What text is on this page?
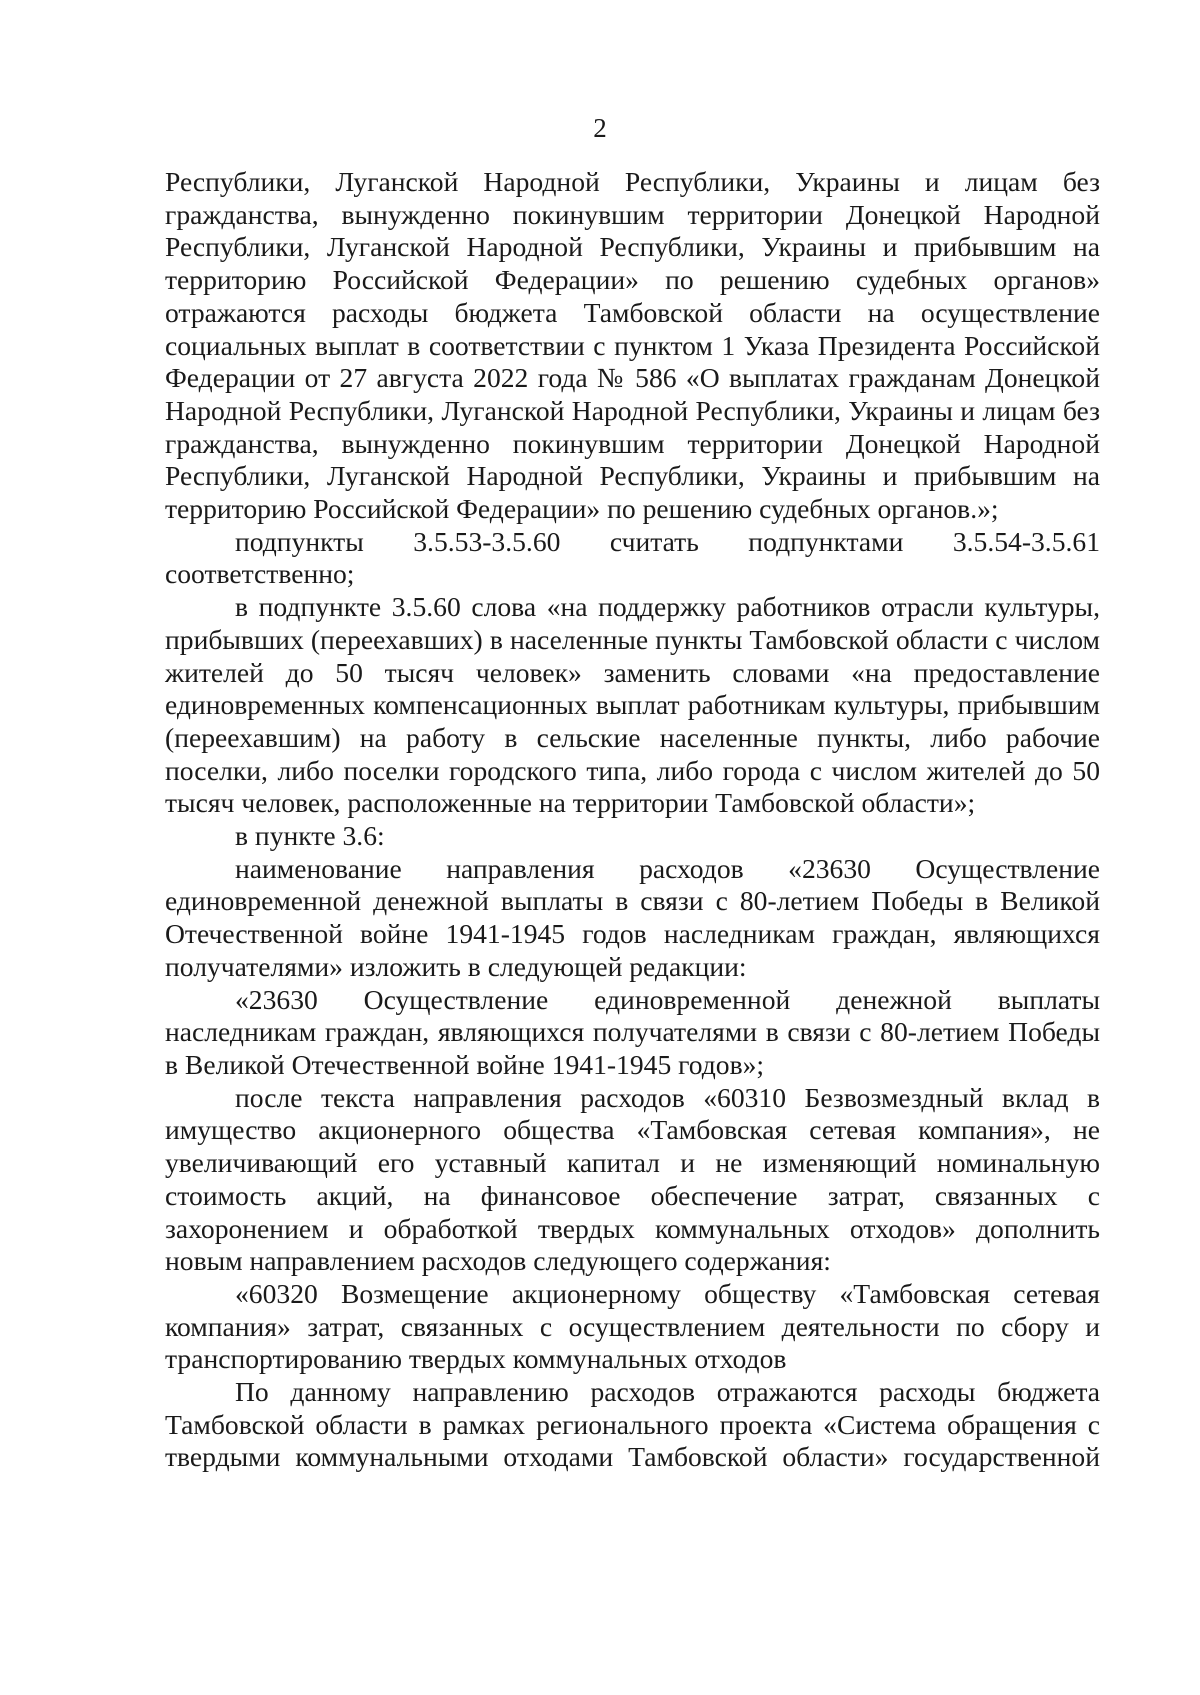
2

Республики, Луганской Народной Республики, Украины и лицам без гражданства, вынужденно покинувшим территории Донецкой Народной Республики, Луганской Народной Республики, Украины и прибывшим на территорию Российской Федерации» по решению судебных органов» отражаются расходы бюджета Тамбовской области на осуществление социальных выплат в соответствии с пунктом 1 Указа Президента Российской Федерации от 27 августа 2022 года № 586 «О выплатах гражданам Донецкой Народной Республики, Луганской Народной Республики, Украины и лицам без гражданства, вынужденно покинувшим территории Донецкой Народной Республики, Луганской Народной Республики, Украины и прибывшим на территорию Российской Федерации» по решению судебных органов.»;

подпункты 3.5.53-3.5.60 считать подпунктами 3.5.54-3.5.61 соответственно;

в подпункте 3.5.60 слова «на поддержку работников отрасли культуры, прибывших (переехавших) в населенные пункты Тамбовской области с числом жителей до 50 тысяч человек» заменить словами «на предоставление единовременных компенсационных выплат работникам культуры, прибывшим (переехавшим) на работу в сельские населенные пункты, либо рабочие поселки, либо поселки городского типа, либо города с числом жителей до 50 тысяч человек, расположенные на территории Тамбовской области»;

в пункте 3.6:

наименование направления расходов «23630 Осуществление единовременной денежной выплаты в связи с 80-летием Победы в Великой Отечественной войне 1941-1945 годов наследникам граждан, являющихся получателями» изложить в следующей редакции:

«23630 Осуществление единовременной денежной выплаты наследникам граждан, являющихся получателями в связи с 80-летием Победы в Великой Отечественной войне 1941-1945 годов»;

после текста направления расходов «60310 Безвозмездный вклад в имущество акционерного общества «Тамбовская сетевая компания», не увеличивающий его уставный капитал и не изменяющий номинальную стоимость акций, на финансовое обеспечение затрат, связанных с захоронением и обработкой твердых коммунальных отходов» дополнить новым направлением расходов следующего содержания:

«60320 Возмещение акционерному обществу «Тамбовская сетевая компания» затрат, связанных с осуществлением деятельности по сбору и транспортированию твердых коммунальных отходов

По данному направлению расходов отражаются расходы бюджета Тамбовской области в рамках регионального проекта «Система обращения с твердыми коммунальными отходами Тамбовской области» государственной
